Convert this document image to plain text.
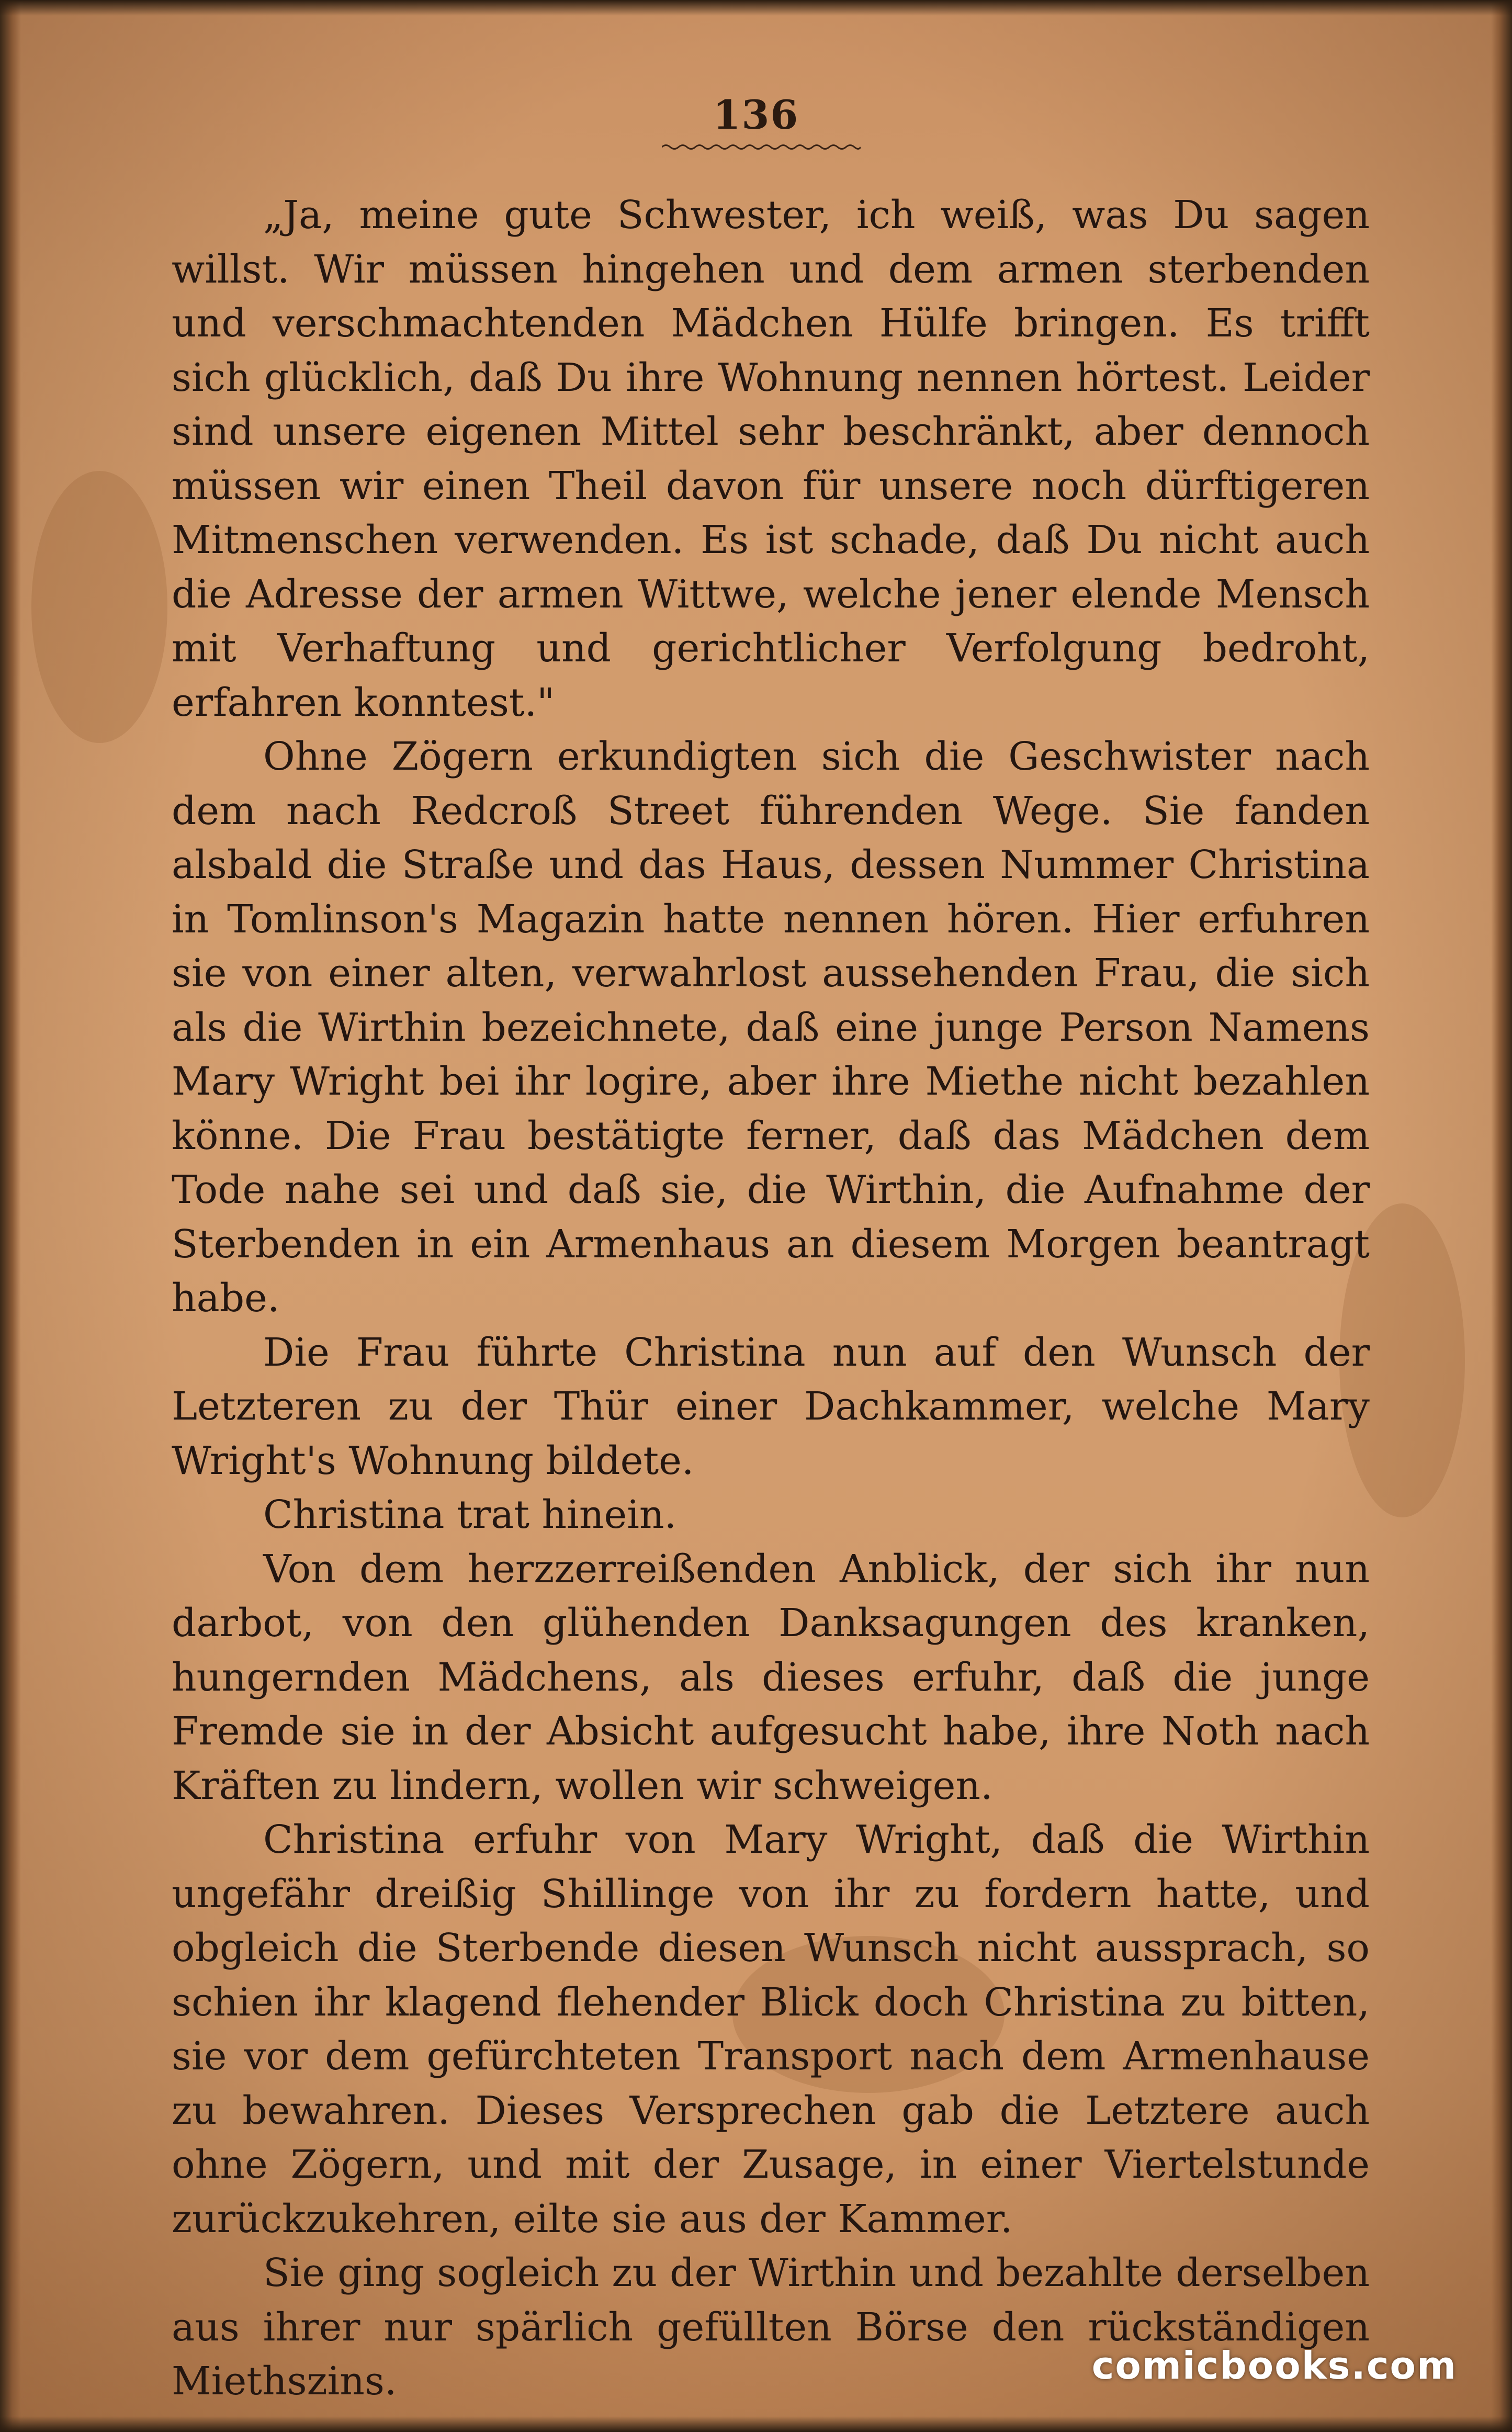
136

„Ja, meine gute Schwester, ich weiß, was Du sagen willst. Wir müssen hingehen und dem armen sterbenden und verschmachtenden Mädchen Hülfe bringen. Es trifft sich glücklich, daß Du ihre Wohnung nennen hörtest. Leider sind unsere eigenen Mittel sehr beschränkt, aber dennoch müssen wir einen Theil davon für unsere noch dürftigeren Mitmenschen verwenden. Es ist schade, daß Du nicht auch die Adresse der armen Wittwe, welche jener elende Mensch mit Verhaftung und gerichtlicher Verfolgung bedroht, erfahren konntest."

Ohne Zögern erkundigten sich die Geschwister nach dem nach Redcroß Street führenden Wege. Sie fanden alsbald die Straße und das Haus, dessen Nummer Christina in Tomlinson's Magazin hatte nennen hören. Hier erfuhren sie von einer alten, verwahrlost aussehenden Frau, die sich als die Wirthin bezeichnete, daß eine junge Person Namens Mary Wright bei ihr logire, aber ihre Miethe nicht bezahlen könne. Die Frau bestätigte ferner, daß das Mädchen dem Tode nahe sei und daß sie, die Wirthin, die Aufnahme der Sterbenden in ein Armenhaus an diesem Morgen beantragt habe.

Die Frau führte Christina nun auf den Wunsch der Letzteren zu der Thür einer Dachkammer, welche Mary Wright's Wohnung bildete.

Christina trat hinein.

Von dem herzzerreißenden Anblick, der sich ihr nun darbot, von den glühenden Danksagungen des kranken, hungernden Mädchens, als dieses erfuhr, daß die junge Fremde sie in der Absicht aufgesucht habe, ihre Noth nach Kräften zu lindern, wollen wir schweigen.

Christina erfuhr von Mary Wright, daß die Wirthin ungefähr dreißig Shillinge von ihr zu fordern hatte, und obgleich die Sterbende diesen Wunsch nicht aussprach, so schien ihr klagend flehender Blick doch Christina zu bitten, sie vor dem gefürchteten Transport nach dem Armenhause zu bewahren. Dieses Versprechen gab die Letztere auch ohne Zögern, und mit der Zusage, in einer Viertelstunde zurückzukehren, eilte sie aus der Kammer.

Sie ging sogleich zu der Wirthin und bezahlte derselben aus ihrer nur spärlich gefüllten Börse den rückständigen Miethszins.	comicbooks.com
